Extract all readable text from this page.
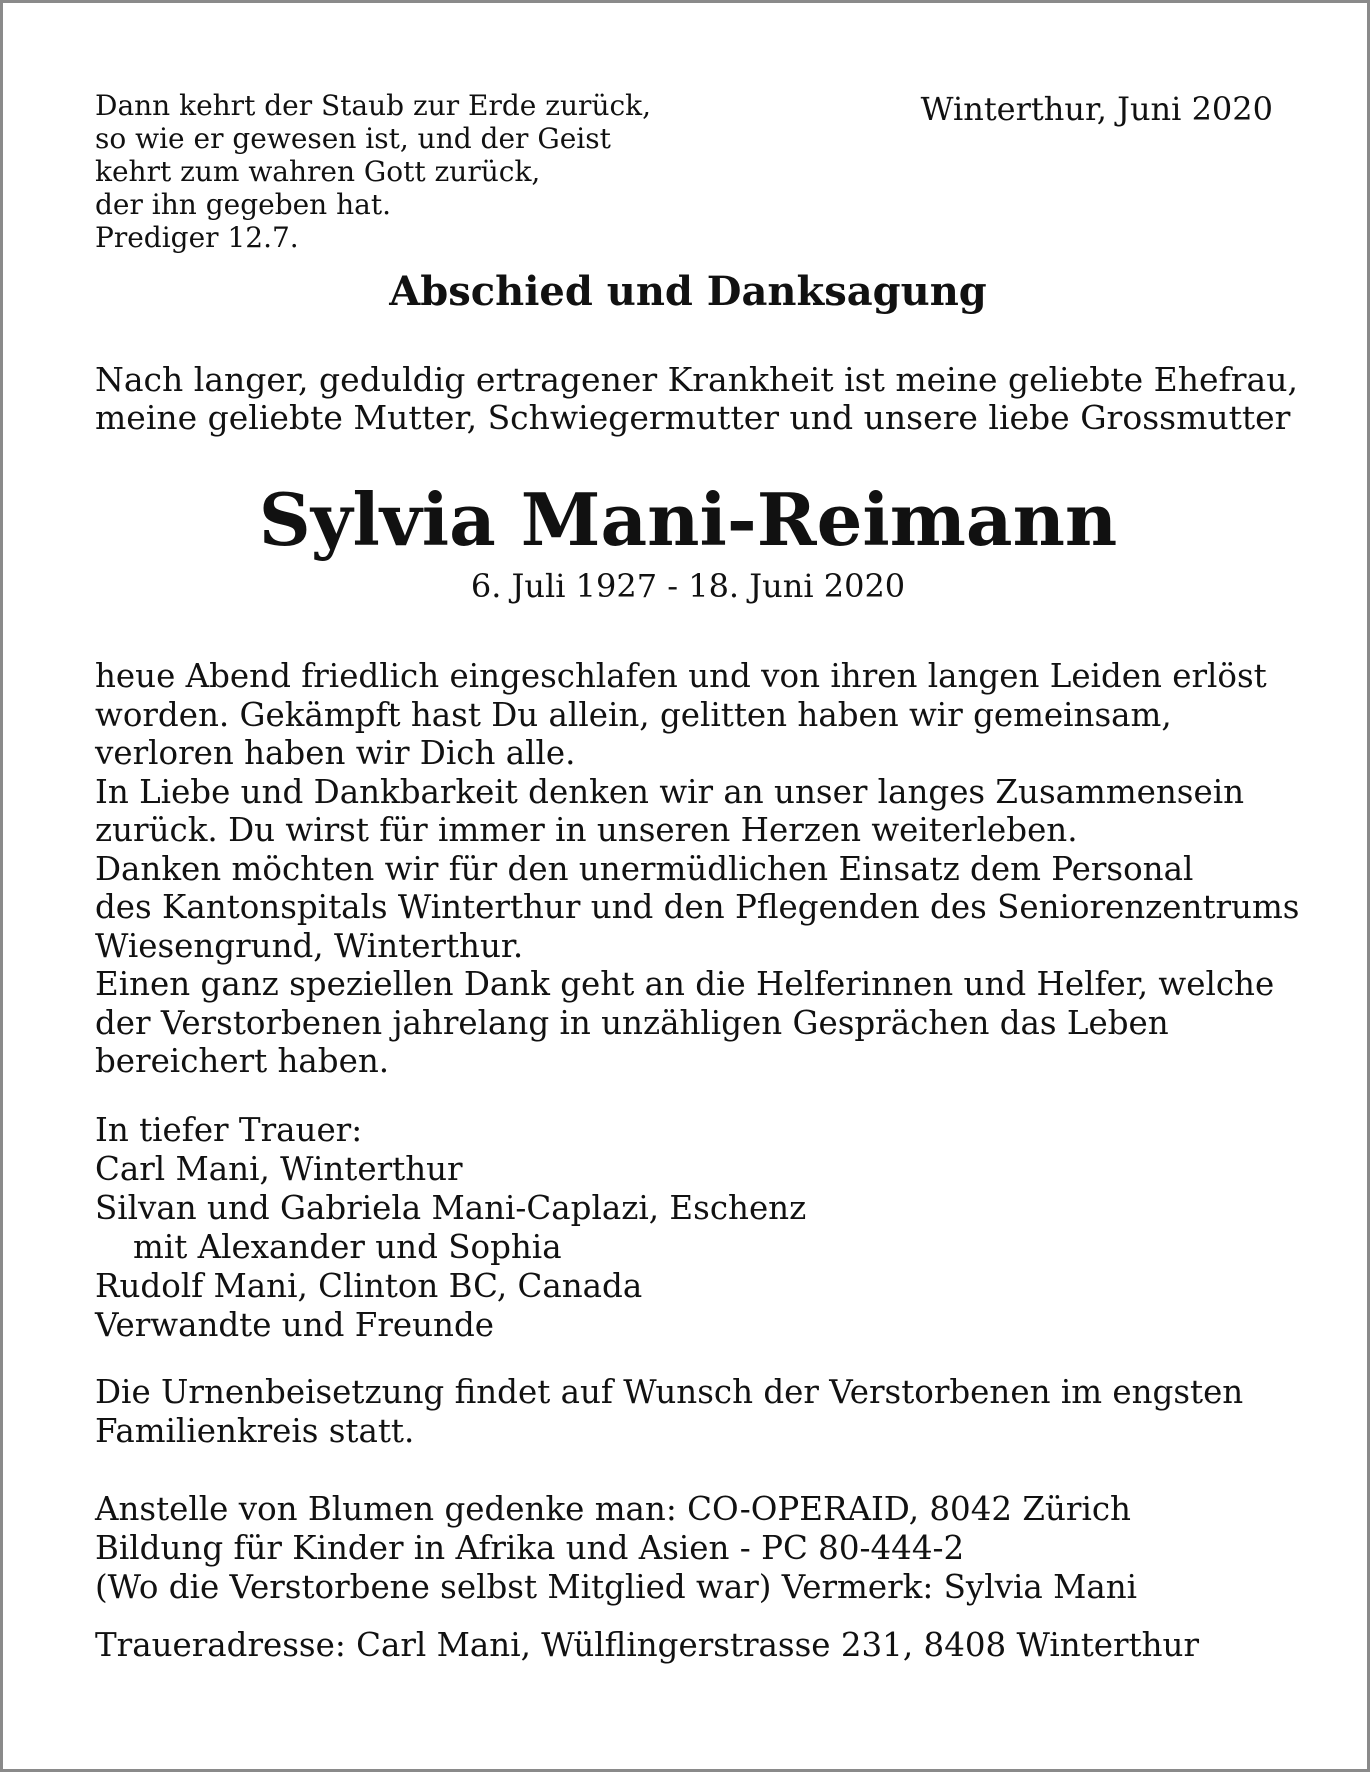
Dann kehrt der Staub zur Erde zurück,
so wie er gewesen ist, und der Geist
kehrt zum wahren Gott zurück,
der ihn gegeben hat.
Prediger 12.7.
Winterthur, Juni 2020
Abschied und Danksagung
Nach langer, geduldig ertragener Krankheit ist meine geliebte Ehefrau,
meine geliebte Mutter, Schwiegermutter und unsere liebe Grossmutter
Sylvia Mani-Reimann
6. Juli 1927 - 18. Juni 2020
heue Abend friedlich eingeschlafen und von ihren langen Leiden erlöst
worden. Gekämpft hast Du allein, gelitten haben wir gemeinsam,
verloren haben wir Dich alle.
In Liebe und Dankbarkeit denken wir an unser langes Zusammensein
zurück. Du wirst für immer in unseren Herzen weiterleben.
Danken möchten wir für den unermüdlichen Einsatz dem Personal
des Kantonspitals Winterthur und den Pflegenden des Seniorenzentrums
Wiesengrund, Winterthur.
Einen ganz speziellen Dank geht an die Helferinnen und Helfer, welche
der Verstorbenen jahrelang in unzähligen Gesprächen das Leben
bereichert haben.
In tiefer Trauer:
Carl Mani, Winterthur
Silvan und Gabriela Mani-Caplazi, Eschenz
mit Alexander und Sophia
Rudolf Mani, Clinton BC, Canada
Verwandte und Freunde
Die Urnenbeisetzung findet auf Wunsch der Verstorbenen im engsten
Familienkreis statt.
Anstelle von Blumen gedenke man: CO-OPERAID, 8042 Zürich
Bildung für Kinder in Afrika und Asien - PC 80-444-2
(Wo die Verstorbene selbst Mitglied war) Vermerk: Sylvia Mani
Traueradresse: Carl Mani, Wülflingerstrasse 231, 8408 Winterthur
